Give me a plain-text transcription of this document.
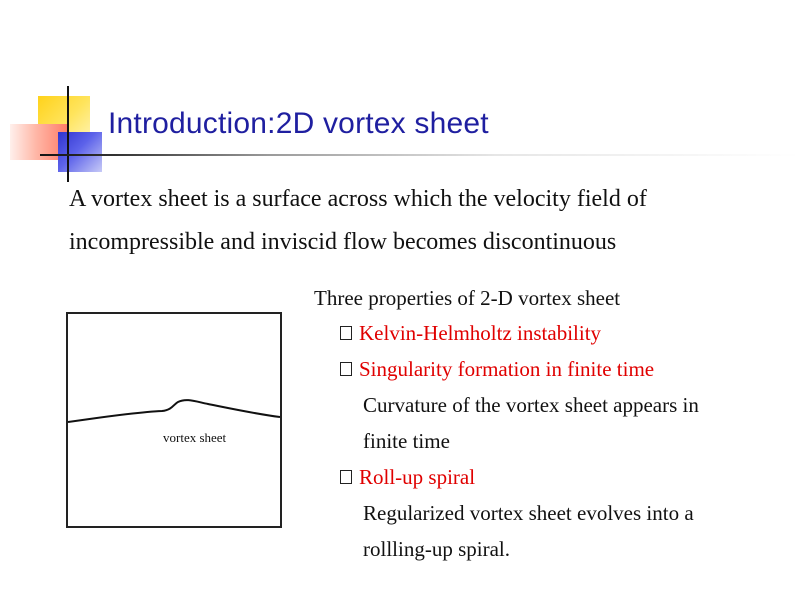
Introduction:2D vortex sheet

A vortex sheet is a surface across which the velocity field of incompressible and inviscid flow becomes discontinuous

vortex sheet

Three properties of 2-D vortex sheet

Kelvin-Helmholtz instability
Singularity formation in finite time

Curvature of the vortex sheet appears in finite time

Roll-up spiral

Regularized vortex sheet evolves into a rollling-up spiral.
